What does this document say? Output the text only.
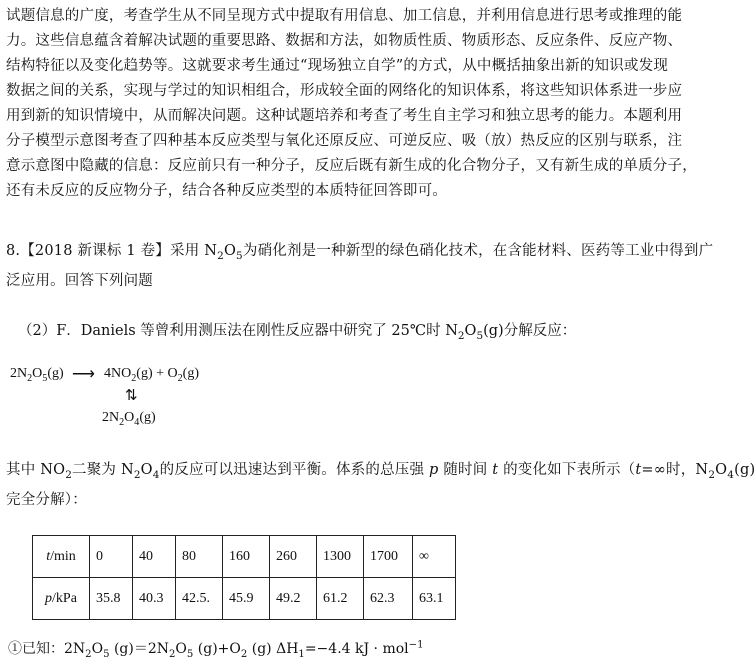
试题信息的广度，考查学生从不同呈现方式中提取有用信息、加工信息，并利用信息进行思考或推理的能
力。这些信息蕴含着解决试题的重要思路、数据和方法，如物质性质、物质形态、反应条件、反应产物、
结构特征以及变化趋势等。这就要求考生通过“现场独立自学”的方式，从中概括抽象出新的知识或发现
数据之间的关系，实现与学过的知识相组合，形成较全面的网络化的知识体系，将这些知识体系进一步应
用到新的知识情境中，从而解决问题。这种试题培养和考查了考生自主学习和独立思考的能力。本题利用
分子模型示意图考查了四种基本反应类型与氧化还原反应、可逆反应、吸（放）热反应的区别与联系，注
意示意图中隐藏的信息：反应前只有一种分子，反应后既有新生成的化合物分子，又有新生成的单质分子，
还有未反应的反应物分子，结合各种反应类型的本质特征回答即可。
8.【2018 新课标 1 卷】采用 $N_2O_5$为硝化剂是一种新型的绿色硝化技术，在含能材料、医药等工业中得到广
泛应用。回答下列问题
（2）F．Daniels 等曾利用测压法在刚性反应器中研究了 25℃时 $N_2O_5(g)$分解反应：
$2N_2O_5(g)$ ⟶ $4NO_2(g) + O_2(g)$
⇅
$2N_2O_4(g)$
其中 $NO_2$二聚为 $N_2O_4$的反应可以迅速达到平衡。体系的总压强 p 随时间 t 的变化如下表所示（t=∞时，$N_2O_4(g)$
完全分解）：
t/min	0	40	80	160	260	1300	1700	∞
p/kPa	35.8	40.3	42.5.	45.9	49.2	61.2	62.3	63.1
①已知：$2N_2O_5$ $(g)=2N_2O_5$ $(g)+O_2$ (g) $\Delta H_1=-4.4$ kJ · mol$^{-1}$
